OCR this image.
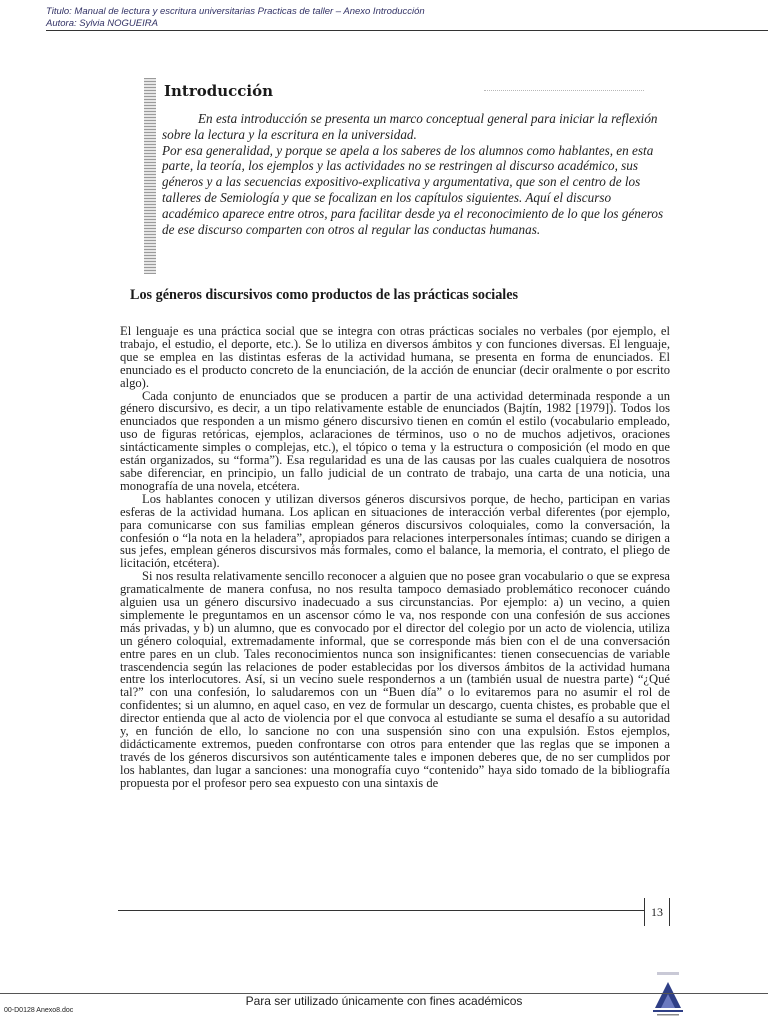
Titulo: Manual de lectura y escritura universitarias Practicas de taller – Anexo Introducción
Autora: Sylvia NOGUEIRA
Introducción

En esta introducción se presenta un marco conceptual general para iniciar la reflexión sobre la lectura y la escritura en la universidad.

Por esa generalidad, y porque se apela a los saberes de los alumnos como hablantes, en esta parte, la teoría, los ejemplos y las actividades no se restringen al discurso académico, sus géneros y a las secuencias expositivo-explicativa y argumentativa, que son el centro de los talleres de Semiología y que se focalizan en los capítulos siguientes. Aquí el discurso académico aparece entre otros, para facilitar desde ya el reconocimiento de lo que los géneros de ese discurso comparten con otros al regular las conductas humanas.

Los géneros discursivos como productos de las prácticas sociales

El lenguaje es una práctica social que se integra con otras prácticas sociales no verbales (por ejemplo, el trabajo, el estudio, el deporte, etc.). Se lo utiliza en diversos ámbitos y con funciones diversas. El lenguaje, que se emplea en las distintas esferas de la actividad humana, se presenta en forma de enunciados. El enunciado es el producto concreto de la enunciación, de la acción de enunciar (decir oralmente o por escrito algo).

Cada conjunto de enunciados que se producen a partir de una actividad determinada responde a un género discursivo, es decir, a un tipo relativamente estable de enunciados (Bajtín, 1982 [1979]). Todos los enunciados que responden a un mismo género discursivo tienen en común el estilo (vocabulario empleado, uso de figuras retóricas, ejemplos, aclaraciones de términos, uso o no de muchos adjetivos, oraciones sintácticamente simples o complejas, etc.), el tópico o tema y la estructura o composición (el modo en que están organizados, su “forma”). Esa regularidad es una de las causas por las cuales cualquiera de nosotros sabe diferenciar, en principio, un fallo judicial de un contrato de trabajo, una carta de una noticia, una monografía de una novela, etcétera.

Los hablantes conocen y utilizan diversos géneros discursivos porque, de hecho, participan en varias esferas de la actividad humana. Los aplican en situaciones de interacción verbal diferentes (por ejemplo, para comunicarse con sus familias emplean géneros discursivos coloquiales, como la conversación, la confesión o “la nota en la heladera”, apropiados para relaciones interpersonales íntimas; cuando se dirigen a sus jefes, emplean géneros discursivos más formales, como el balance, la memoria, el contrato, el pliego de licitación, etcétera).

Si nos resulta relativamente sencillo reconocer a alguien que no posee gran vocabulario o que se expresa gramaticalmente de manera confusa, no nos resulta tampoco demasiado problemático reconocer cuándo alguien usa un género discursivo inadecuado a sus circunstancias. Por ejemplo: a) un vecino, a quien simplemente le preguntamos en un ascensor cómo le va, nos responde con una confesión de sus acciones más privadas, y b) un alumno, que es convocado por el director del colegio por un acto de violencia, utiliza un género coloquial, extremadamente informal, que se corresponde más bien con el de una conversación entre pares en un club. Tales reconocimientos nunca son insignificantes: tienen consecuencias de variable trascendencia según las relaciones de poder establecidas por los diversos ámbitos de la actividad humana entre los interlocutores. Así, si un vecino suele respondernos a un (también usual de nuestra parte) “¿Qué tal?” con una confesión, lo saludaremos con un “Buen día” o lo evitaremos para no asumir el rol de confidentes; si un alumno, en aquel caso, en vez de formular un descargo, cuenta chistes, es probable que el director entienda que al acto de violencia por el que convoca al estudiante se suma el desafío a su autoridad y, en función de ello, lo sancione no con una suspensión sino con una expulsión. Estos ejemplos, didácticamente extremos, pueden confrontarse con otros para entender que las reglas que se imponen a través de los géneros discursivos son auténticamente tales e imponen deberes que, de no ser cumplidos por los hablantes, dan lugar a sanciones: una monografía cuyo “contenido” haya sido tomado de la bibliografía propuesta por el profesor pero sea expuesto con una sintaxis de

13
Para ser utilizado únicamente con fines académicos
00-D0128 Anexo8.doc
